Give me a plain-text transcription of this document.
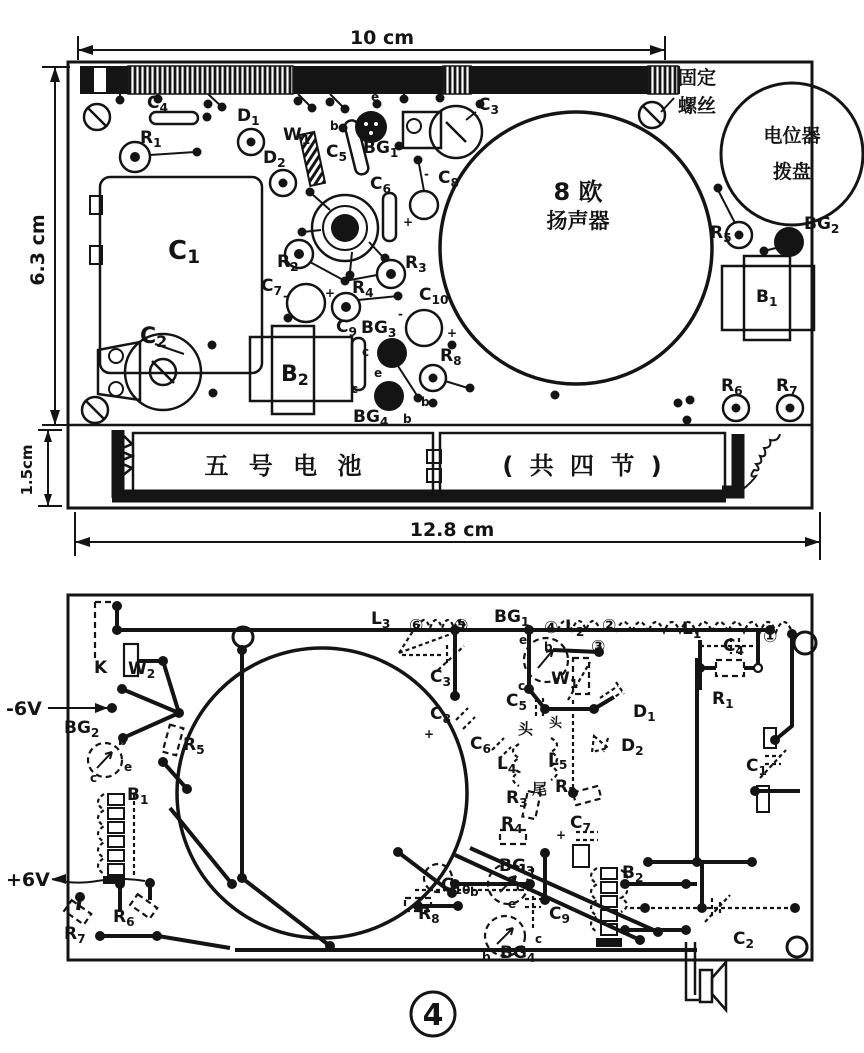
10 cm
6.3 cm
1.5cm
12.8 cm
固定
螺丝
电位器
拨盘
8 欧
扬声器
五 号 电 池	( 共 四 节 )
$C_4$
$R_1$
$D_1$
$D_2$
$W_1$
$C_5$ $BG_1$
e
b
$C_3$
$C_6$
$C_8$
-
+
$R_5$
$BG_2$
$B_1$
$R_2$	$R_3$
$R_4$
$C_7$	+
-
$C_9$
$C_{10}$
-
+
$BG_3$
c
e
b
$BG_4$
c
b
$R_8$
C1
C2
B2	$R_6$ $R_7$
-6V
+6V
K $W_2$
$BG_2$
b
e
c
$R_5$
$B_1$
$R_7$
$R_6$
$L_3$ ⑥ ⑤ $BG_1$ ④ $L_2$ ②
③
$L_1$
$C_3$
e b
c $W_1$
$C_5$
头 头
$D_1$
$D_2$
$C_8$
+ $C_6$
$L_4$ $L_5$
尾 $R_2$
$R_3$
$R_4$	$C_7$
+
$C_4$
$R_1$
①
$C_1$
$C_{10}$
$BG_3$
c
e
b
$R_8$	$C_9$
$BG_4$
b
c
$B_2$
$C_2$
4
